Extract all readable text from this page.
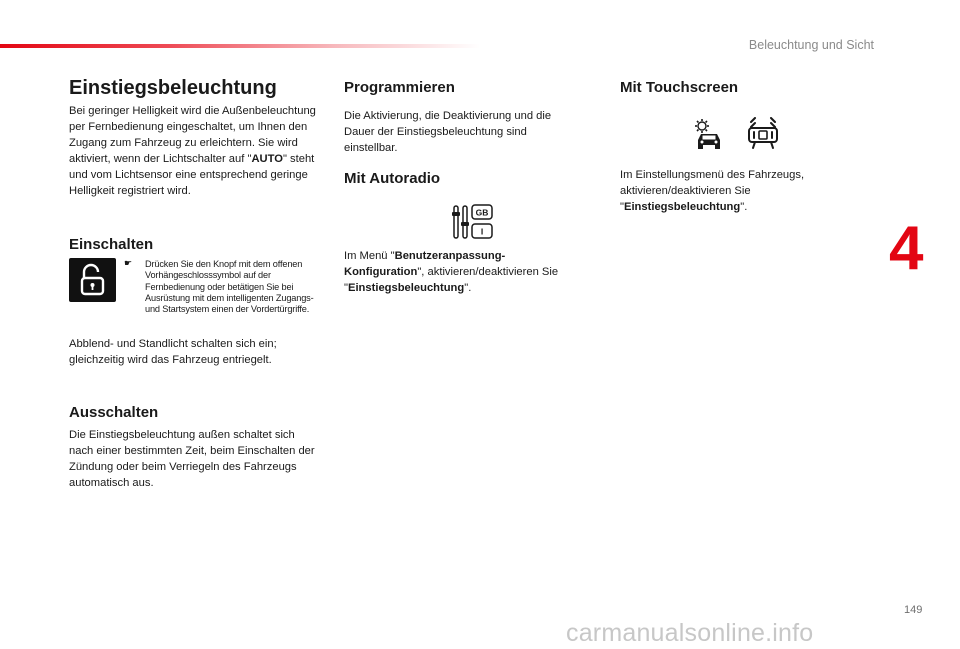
Beleuchtung und Sicht
4
Einstiegsbeleuchtung
Bei geringer Helligkeit wird die Außenbeleuchtung per Fernbedienung eingeschaltet, um Ihnen den Zugang zum Fahrzeug zu erleichtern. Sie wird aktiviert, wenn der Lichtschalter auf "AUTO" steht und vom Lichtsensor eine entsprechend geringe Helligkeit registriert wird.
Einschalten
☛ Drücken Sie den Knopf mit dem offenen Vorhängeschlosssymbol auf der Fernbedienung oder betätigen Sie bei Ausrüstung mit dem intelligenten Zugangs- und Startsystem einen der Vordertürgriffe.
Abblend- und Standlicht schalten sich ein; gleichzeitig wird das Fahrzeug entriegelt.
Ausschalten
Die Einstiegsbeleuchtung außen schaltet sich nach einer bestimmten Zeit, beim Einschalten der Zündung oder beim Verriegeln des Fahrzeugs automatisch aus.
Programmieren
Die Aktivierung, die Deaktivierung und die Dauer der Einstiegsbeleuchtung sind einstellbar.
Mit Autoradio
GB
I
Im Menü "Benutzeranpassung-Konfiguration", aktivieren/deaktivieren Sie "Einstiegsbeleuchtung".
Mit Touchscreen
Im Einstellungsmenü des Fahrzeugs, aktivieren/deaktivieren Sie "Einstiegsbeleuchtung".
149
carmanualsonline.info
